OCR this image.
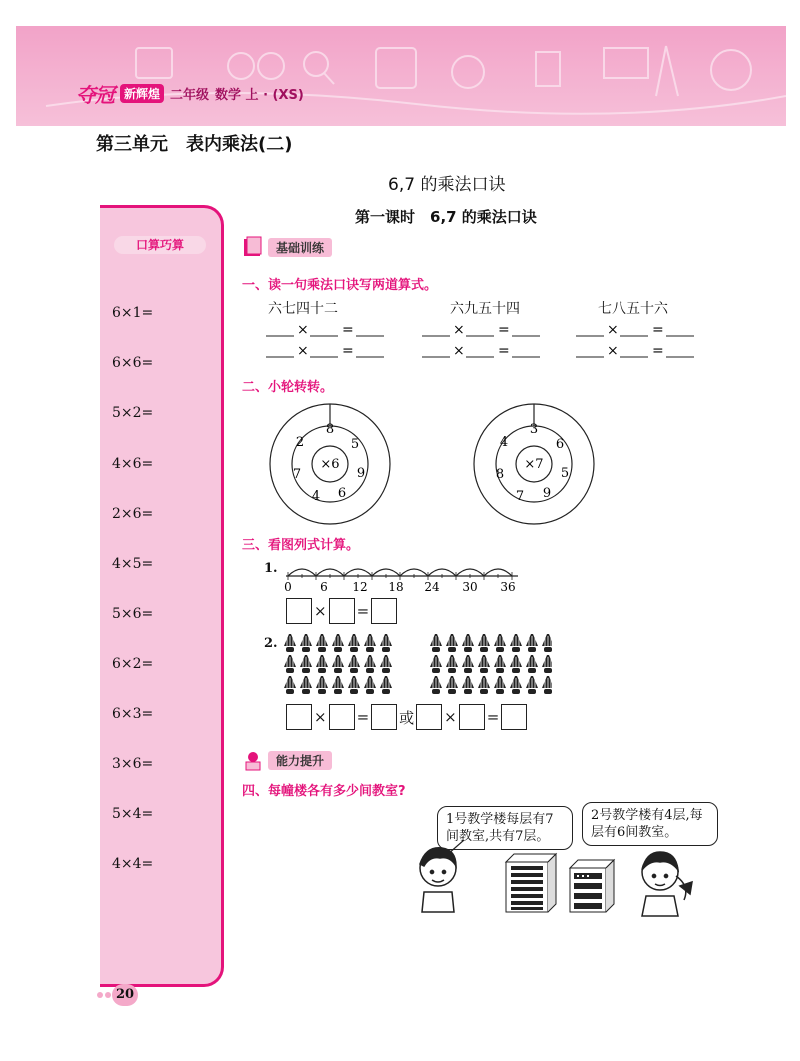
夺冠 新辉煌 二年级 数学 上 · (XS)
第三单元　表内乘法(二)
6,7 的乘法口诀
第一课时　6,7 的乘法口诀
口算巧算
6×1=
6×6=
5×2=
4×6=
2×6=
4×5=
5×6=
6×2=
6×3=
3×6=
5×4=
4×4=
基础训练
一、读一句乘法口诀写两道算式。
六七四十二	六九五十四	七八五十六
× =
二、小轮转转。
×6
8
5
9
6
4
7
2
×7
3
6
5
9
7
8
4
三、看图列式计算。
1.
0 6 12 18 24 30 36
× =
2.
× = 或 × =
能力提升
四、每幢楼各有多少间教室?
1号教学楼每层有7间教室,共有7层。
2号教学楼有4层,每层有6间教室。
20
